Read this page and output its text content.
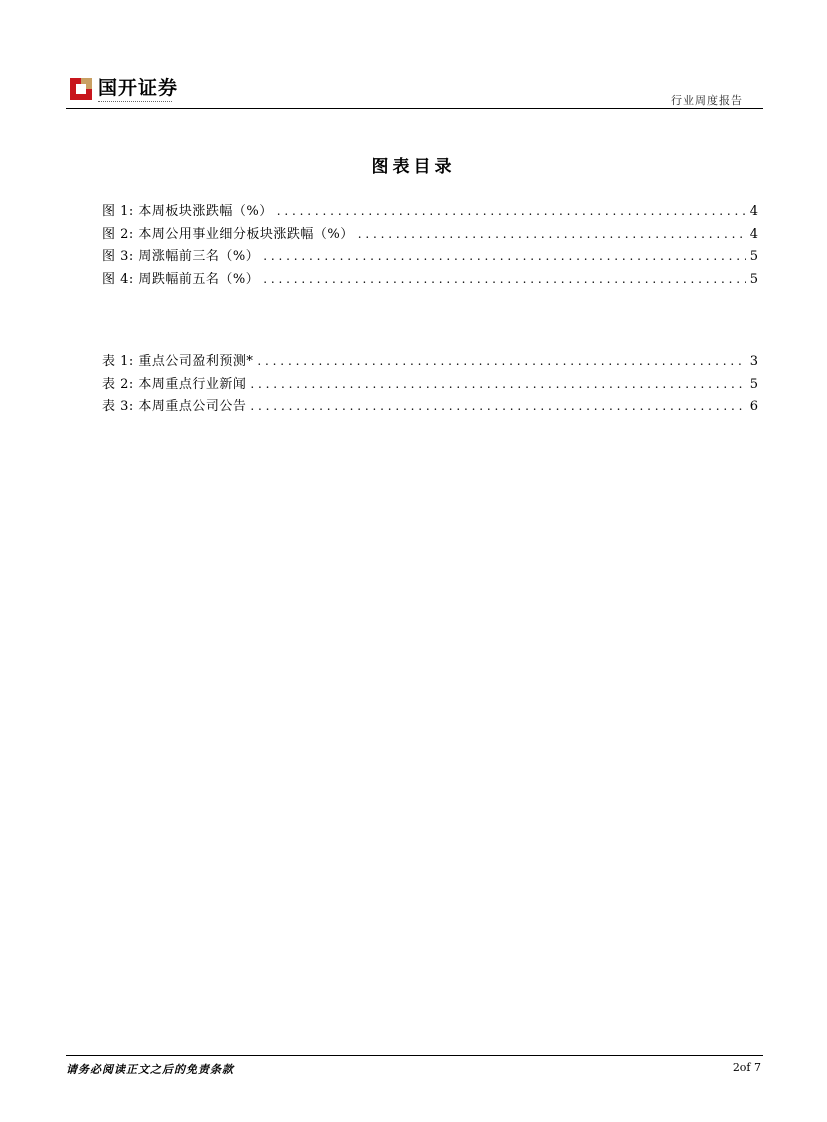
国开证券
行业周度报告
图表目录
图 1: 本周板块涨跌幅（%） . . .	4
图 2: 本周公用事业细分板块涨跌幅（%） . . .	4
图 3: 周涨幅前三名（%） . . .	5
图 4: 周跌幅前五名（%） . . .	5
表 1: 重点公司盈利预测* . . .	3
表 2: 本周重点行业新闻 . . .	5
表 3: 本周重点公司公告 . . .	6
请务必阅读正文之后的免责条款	2of 7
